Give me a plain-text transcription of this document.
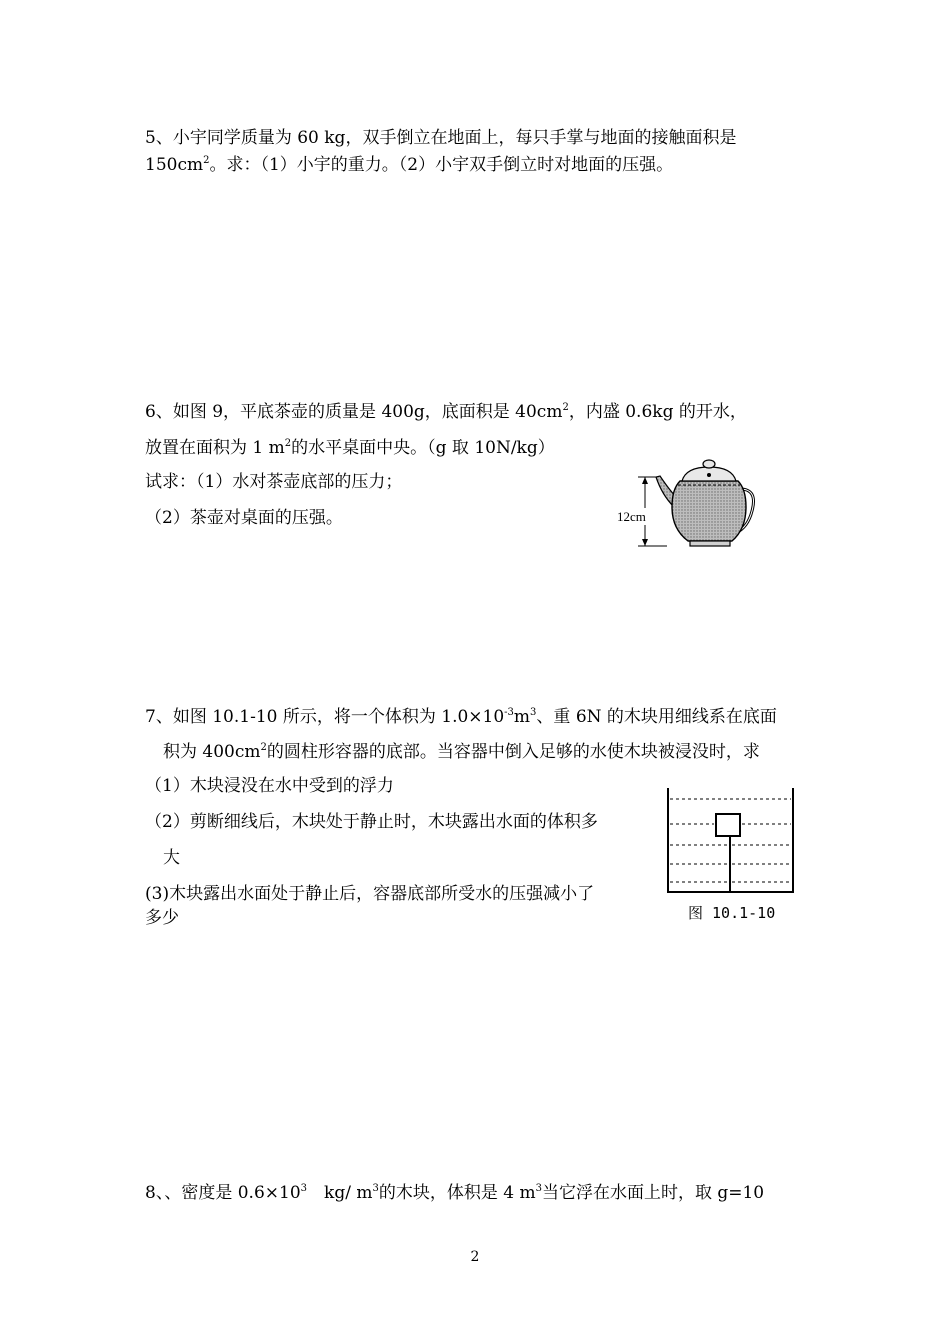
5、小宇同学质量为 60 kg，双手倒立在地面上，每只手掌与地面的接触面积是
$150cm^2$。求：（1）小宇的重力。（2）小宇双手倒立时对地面的压强。
6、如图 9，平底茶壶的质量是 400g，底面积是 $40cm^2$，内盛 0.6kg 的开水，
放置在面积为 1 $m^2$的水平桌面中央。（g 取 10N/kg）
试求：（1）水对茶壶底部的压力；
（2）茶壶对桌面的压强。	12cm
7、如图 10.1-10 所示，将一个体积为 $1.0\times 10^{-3}m^3$、重 6N 的木块用细线系在底面
积为 $400cm^2$的圆柱形容器的底部。当容器中倒入足够的水使木块被浸没时，求
（1）木块浸没在水中受到的浮力
（2）剪断细线后，木块处于静止时，木块露出水面的体积多
大
(3)木块露出水面处于静止后，容器底部所受水的压强减小了
多少	图 10.1-10
8、、密度是 $0.6\times 10^3$　kg/ $m^3$的木块，体积是 4 $m^3$当它浮在水面上时，取 g=10
2
